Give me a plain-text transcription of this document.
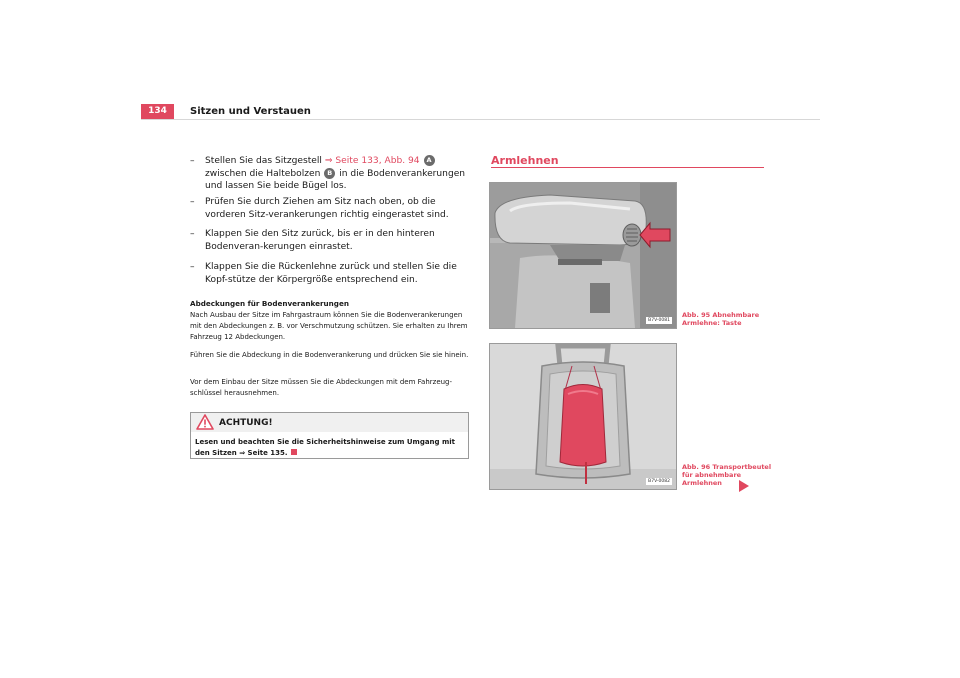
134	Sitzen und Verstauen
– Stellen Sie das Sitzgestell ⇒ Seite 133, Abb. 94 A zwischen die Haltebolzen B in die Bodenverankerungen und lassen Sie beide Bügel los.
– Prüfen Sie durch Ziehen am Sitz nach oben, ob die vorderen Sitz-verankerungen richtig eingerastet sind.
– Klappen Sie den Sitz zurück, bis er in den hinteren Bodenveran-kerungen einrastet.
– Klappen Sie die Rückenlehne zurück und stellen Sie die Kopf-stütze der Körpergröße entsprechend ein.
Abdeckungen für Bodenverankerungen
Nach Ausbau der Sitze im Fahrgastraum können Sie die Bodenverankerungen mit den Abdeckungen z. B. vor Verschmutzung schützen. Sie erhalten zu Ihrem Fahrzeug 12 Abdeckungen.
Führen Sie die Abdeckung in die Bodenverankerung und drücken Sie sie hinein.
Vor dem Einbau der Sitze müssen Sie die Abdeckungen mit dem Fahrzeug-schlüssel herausnehmen.
ACHTUNG!
Lesen und beachten Sie die Sicherheitshinweise zum Umgang mit den Sitzen ⇒ Seite 135.
Armlehnen
B7V-0081
B7V-0082
Abb. 95 Abnehmbare Armlehne: Taste
Abb. 96 Transportbeutel für abnehmbare Armlehnen
